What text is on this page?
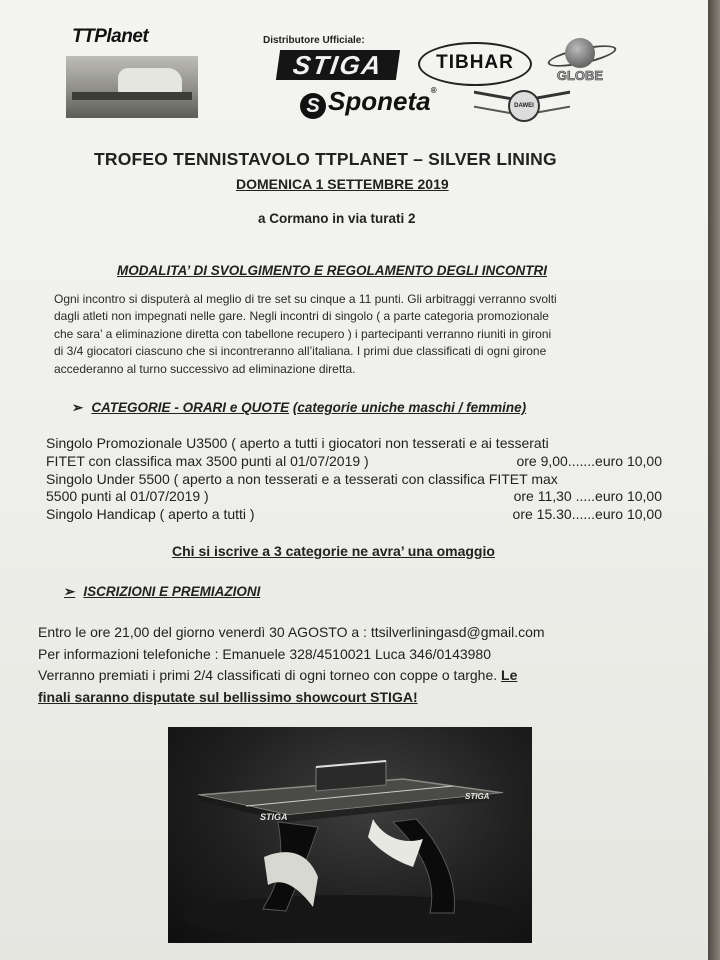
TTPlanet	Distributore Ufficiale:
STIGA	TIBHAR
GLOBE
S Sponeta®
DAWEI
TROFEO TENNISTAVOLO TTPLANET – SILVER LINING
DOMENICA 1 SETTEMBRE 2019
a Cormano in via turati 2
MODALITA’ DI SVOLGIMENTO E REGOLAMENTO DEGLI INCONTRI
Ogni incontro si disputerà al meglio di tre set su cinque a 11 punti. Gli arbitraggi verranno svolti
dagli atleti non impegnati nelle gare. Negli incontri di singolo ( a parte categoria promozionale
che sara’ a eliminazione diretta con tabellone recupero ) i partecipanti verranno riuniti in gironi
di 3/4 giocatori ciascuno che si incontreranno all’italiana. I primi due classificati di ogni girone
accederanno al turno successivo ad eliminazione diretta.
➢ CATEGORIE - ORARI e QUOTE (categorie uniche maschi / femmine)
Singolo Promozionale U3500 ( aperto a tutti i giocatori non tesserati e ai tesserati
FITET con classifica max 3500 punti al 01/07/2019 )	ore 9,00.......euro 10,00
Singolo Under 5500 ( aperto a non tesserati e a tesserati con classifica FITET max
5500 punti al 01/07/2019 )	ore 11,30 .....euro 10,00
Singolo Handicap ( aperto a tutti )	ore 15.30......euro 10,00
Chi si iscrive a 3 categorie ne avra’ una omaggio
➢ ISCRIZIONI E PREMIAZIONI
Entro le ore 21,00 del giorno venerdì 30 AGOSTO a : ttsilverliningasd@gmail.com
Per informazioni telefoniche : Emanuele 328/4510021 Luca 346/0143980
Verranno premiati i primi 2/4 classificati di ogni torneo con coppe o targhe. Le
finali saranno disputate sul bellissimo showcourt STIGA!
STIGA
STIGA
